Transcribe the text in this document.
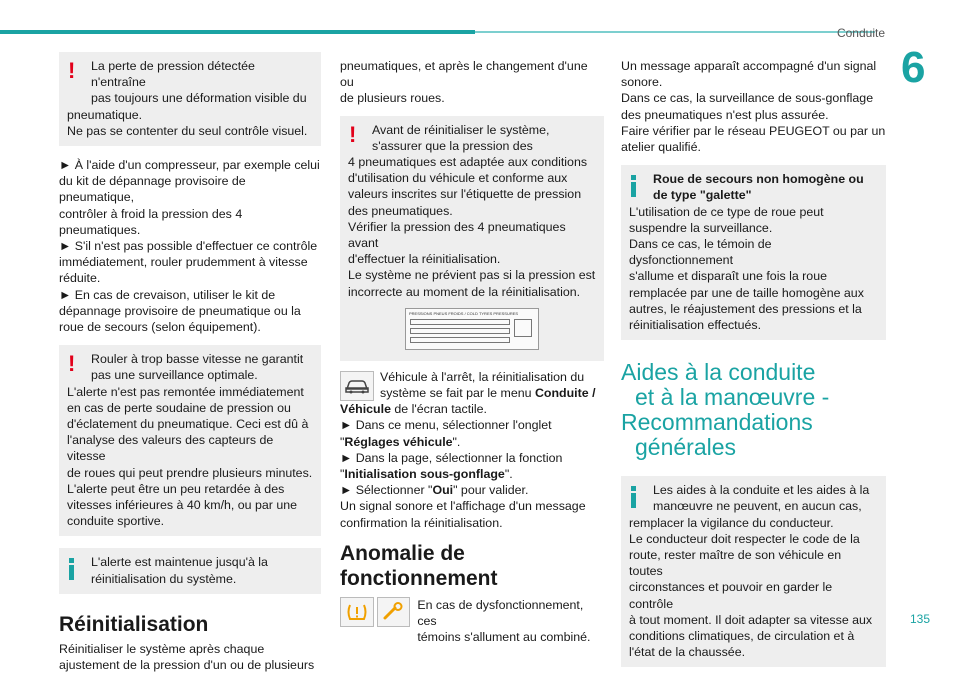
Conduite
6
135
!	La perte de pression détectée n'entraîne

pas toujours une déformation visible du

pneumatique.

Ne pas se contenter du seul contrôle visuel.

► À l'aide d'un compresseur, par exemple celui

du kit de dépannage provisoire de pneumatique,

contrôler à froid la pression des 4 pneumatiques.

► S'il n'est pas possible d'effectuer ce contrôle

immédiatement, rouler prudemment à vitesse

réduite.

► En cas de crevaison, utiliser le kit de

dépannage provisoire de pneumatique ou la

roue de secours (selon équipement).

!	Rouler à trop basse vitesse ne garantit

pas une surveillance optimale.

L'alerte n'est pas remontée immédiatement

en cas de perte soudaine de pression ou

d'éclatement du pneumatique. Ceci est dû à

l'analyse des valeurs des capteurs de vitesse

de roues qui peut prendre plusieurs minutes.

L'alerte peut être un peu retardée à des

vitesses inférieures à 40 km/h, ou par une

conduite sportive.

L'alerte est maintenue jusqu'à la

réinitialisation du système.

Réinitialisation

Réinitialiser le système après chaque

ajustement de la pression d'un ou de plusieurs

pneumatiques, et après le changement d'une ou

de plusieurs roues.

!	Avant de réinitialiser le système,

s'assurer que la pression des

4 pneumatiques est adaptée aux conditions

d'utilisation du véhicule et conforme aux

valeurs inscrites sur l'étiquette de pression

des pneumatiques.

Vérifier la pression des 4 pneumatiques avant

d'effectuer la réinitialisation.

Le système ne prévient pas si la pression est

incorrecte au moment de la réinitialisation.

PRESSIONS PNEUS FROIDS / COLD TYRES PRESSURES

Véhicule à l'arrêt, la réinitialisation du

système se fait par le menu Conduite /

Véhicule de l'écran tactile.

► Dans ce menu, sélectionner l'onglet

"Réglages véhicule".

► Dans la page, sélectionner la fonction

"Initialisation sous-gonflage".

► Sélectionner "Oui" pour valider.

Un signal sonore et l'affichage d'un message

confirmation la réinitialisation.

Anomalie de
fonctionnement

En cas de dysfonctionnement, ces

témoins s'allument au combiné.

Un message apparaît accompagné d'un signal

sonore.

Dans ce cas, la surveillance de sous-gonflage

des pneumatiques n'est plus assurée.

Faire vérifier par le réseau PEUGEOT ou par un

atelier qualifié.

Roue de secours non homogène ou

de type "galette"

L'utilisation de ce type de roue peut

suspendre la surveillance.

Dans ce cas, le témoin de dysfonctionnement

s'allume et disparaît une fois la roue

remplacée par une de taille homogène aux

autres, le réajustement des pressions et la

réinitialisation effectués.

Aides à la conduite
et à la manœuvre -
Recommandations
générales

Les aides à la conduite et les aides à la

manœuvre ne peuvent, en aucun cas,

remplacer la vigilance du conducteur.

Le conducteur doit respecter le code de la

route, rester maître de son véhicule en toutes

circonstances et pouvoir en garder le contrôle

à tout moment. Il doit adapter sa vitesse aux

conditions climatiques, de circulation et à

l'état de la chaussée.
